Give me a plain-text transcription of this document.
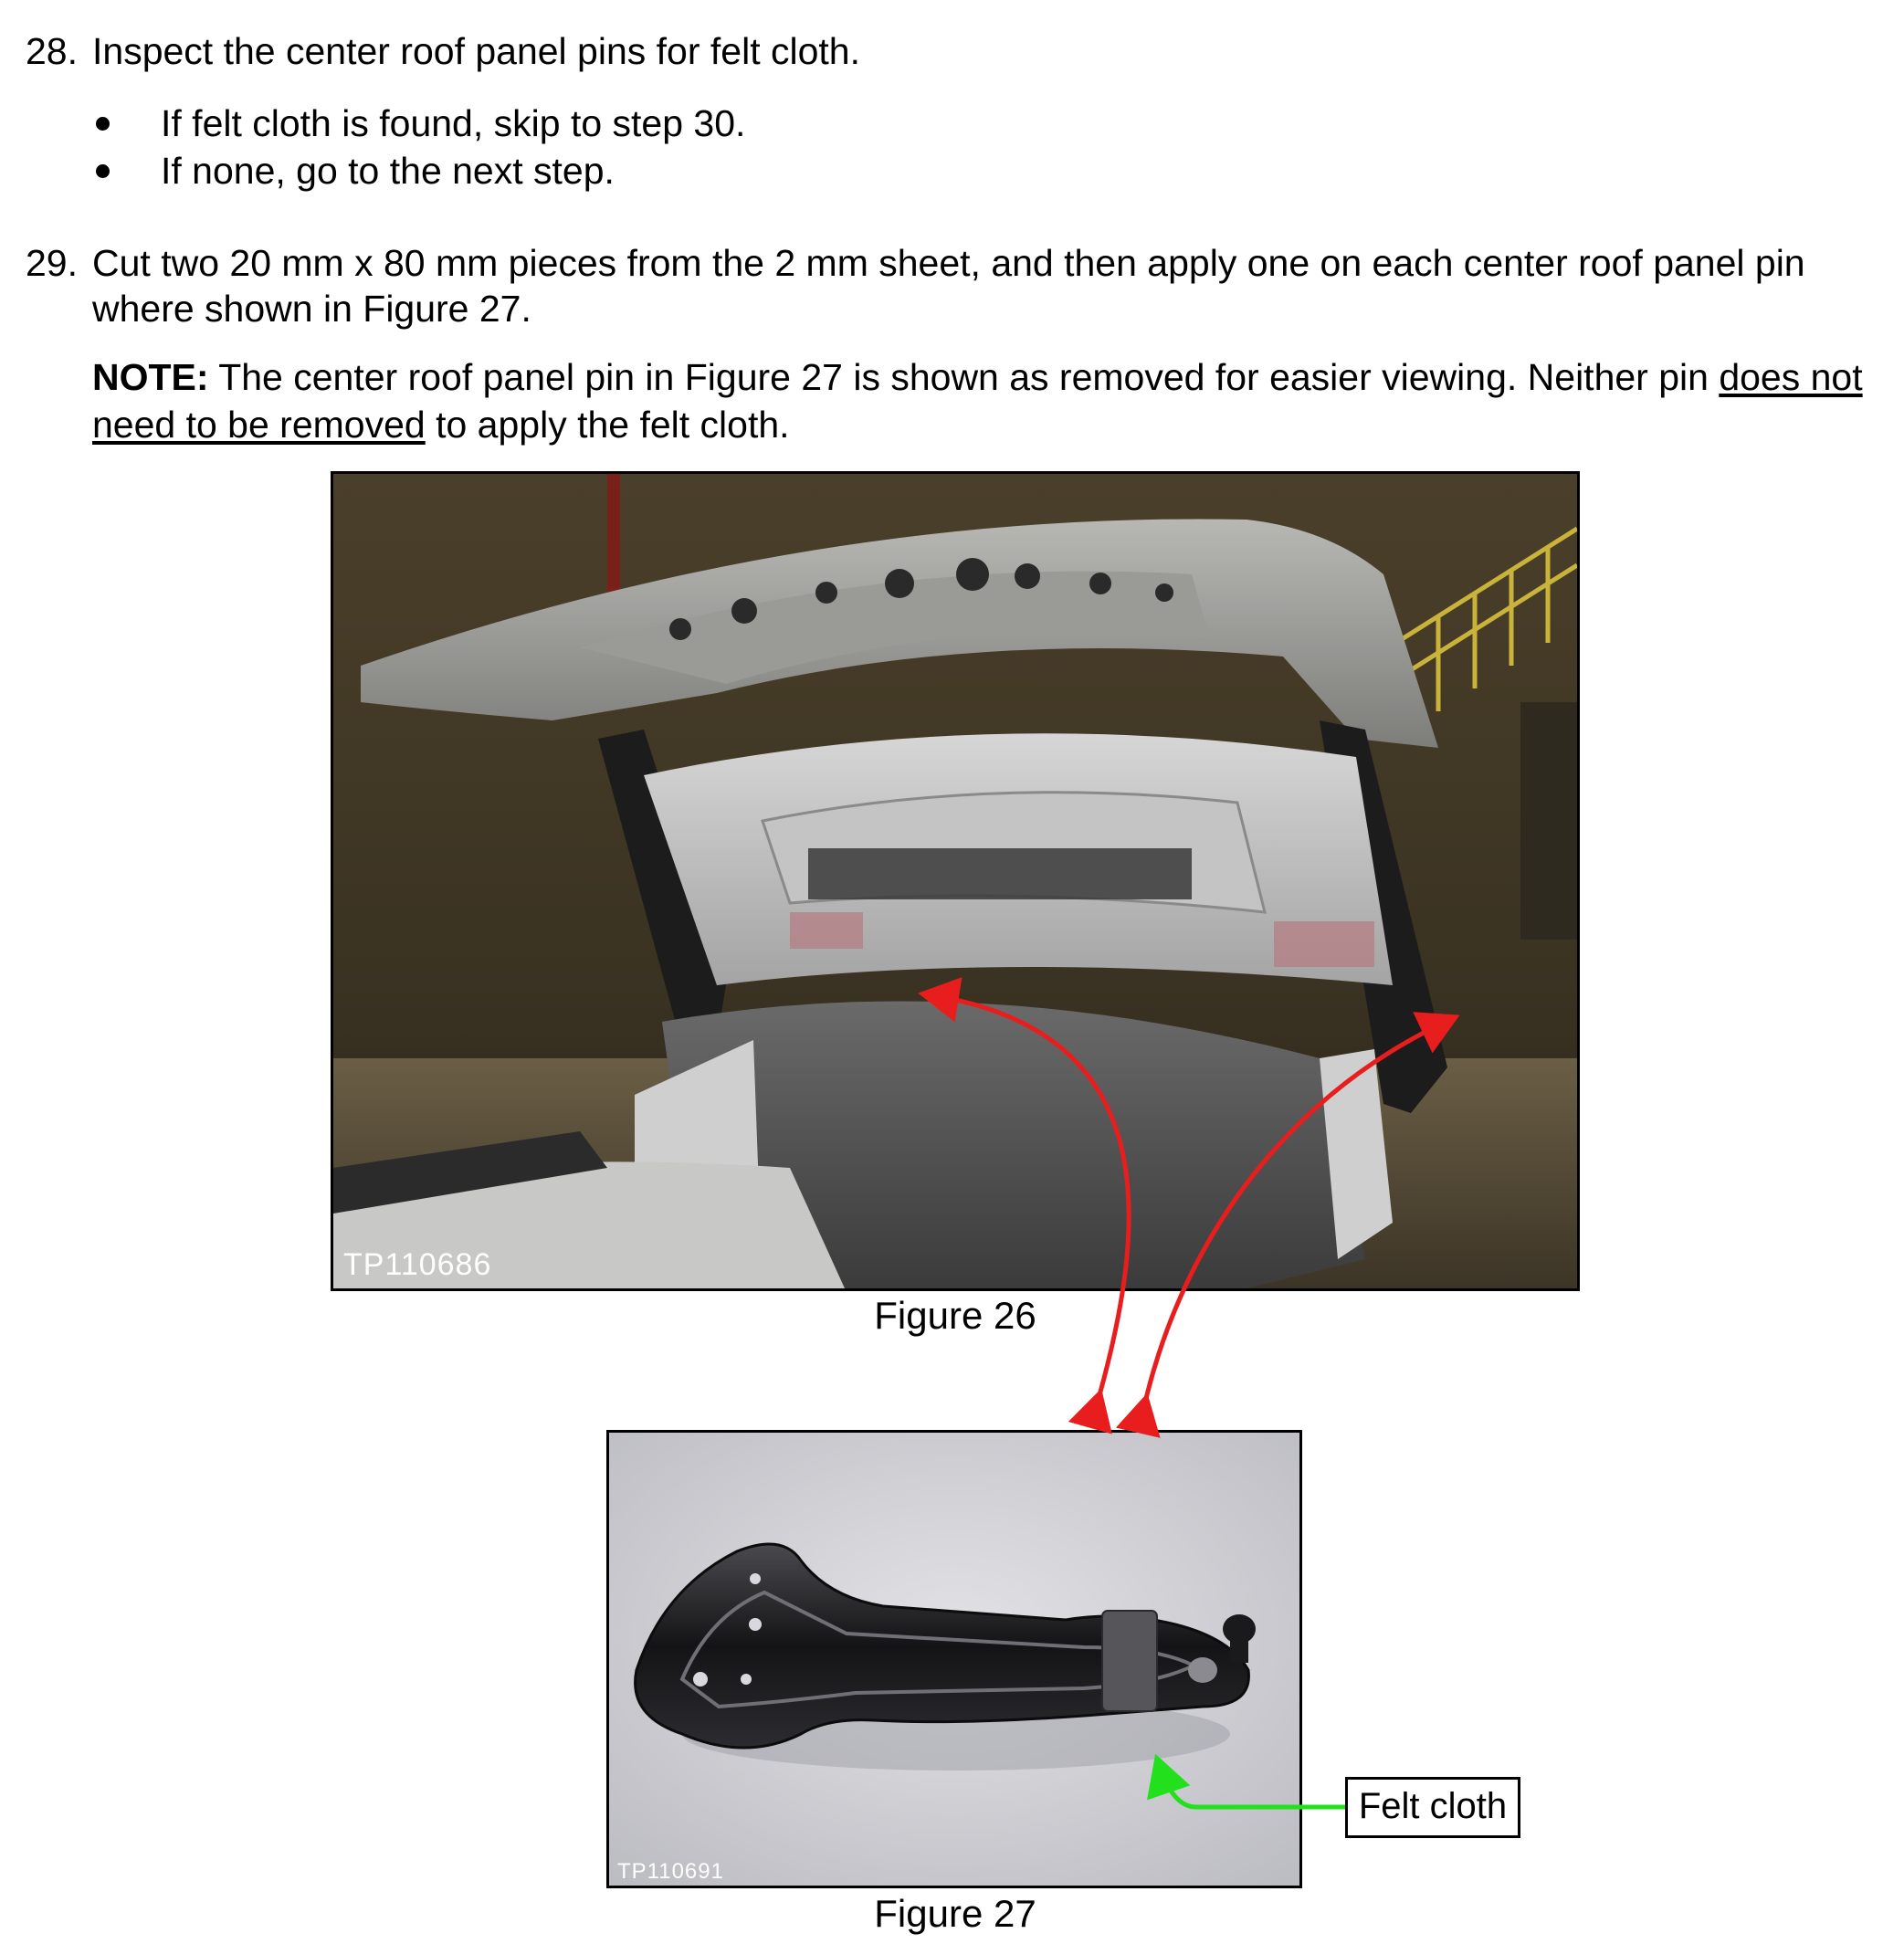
28. Inspect the center roof panel pins for felt cloth.
If felt cloth is found, skip to step 30.
If none, go to the next step.
29. Cut two 20 mm x 80 mm pieces from the 2 mm sheet, and then apply one on each center roof panel pin
where shown in Figure 27.
NOTE: The center roof panel pin in Figure 27 is shown as removed for easier viewing. Neither pin does not
need to be removed to apply the felt cloth.
TP110686
Figure 26
TP110691
Figure 27
Felt cloth
